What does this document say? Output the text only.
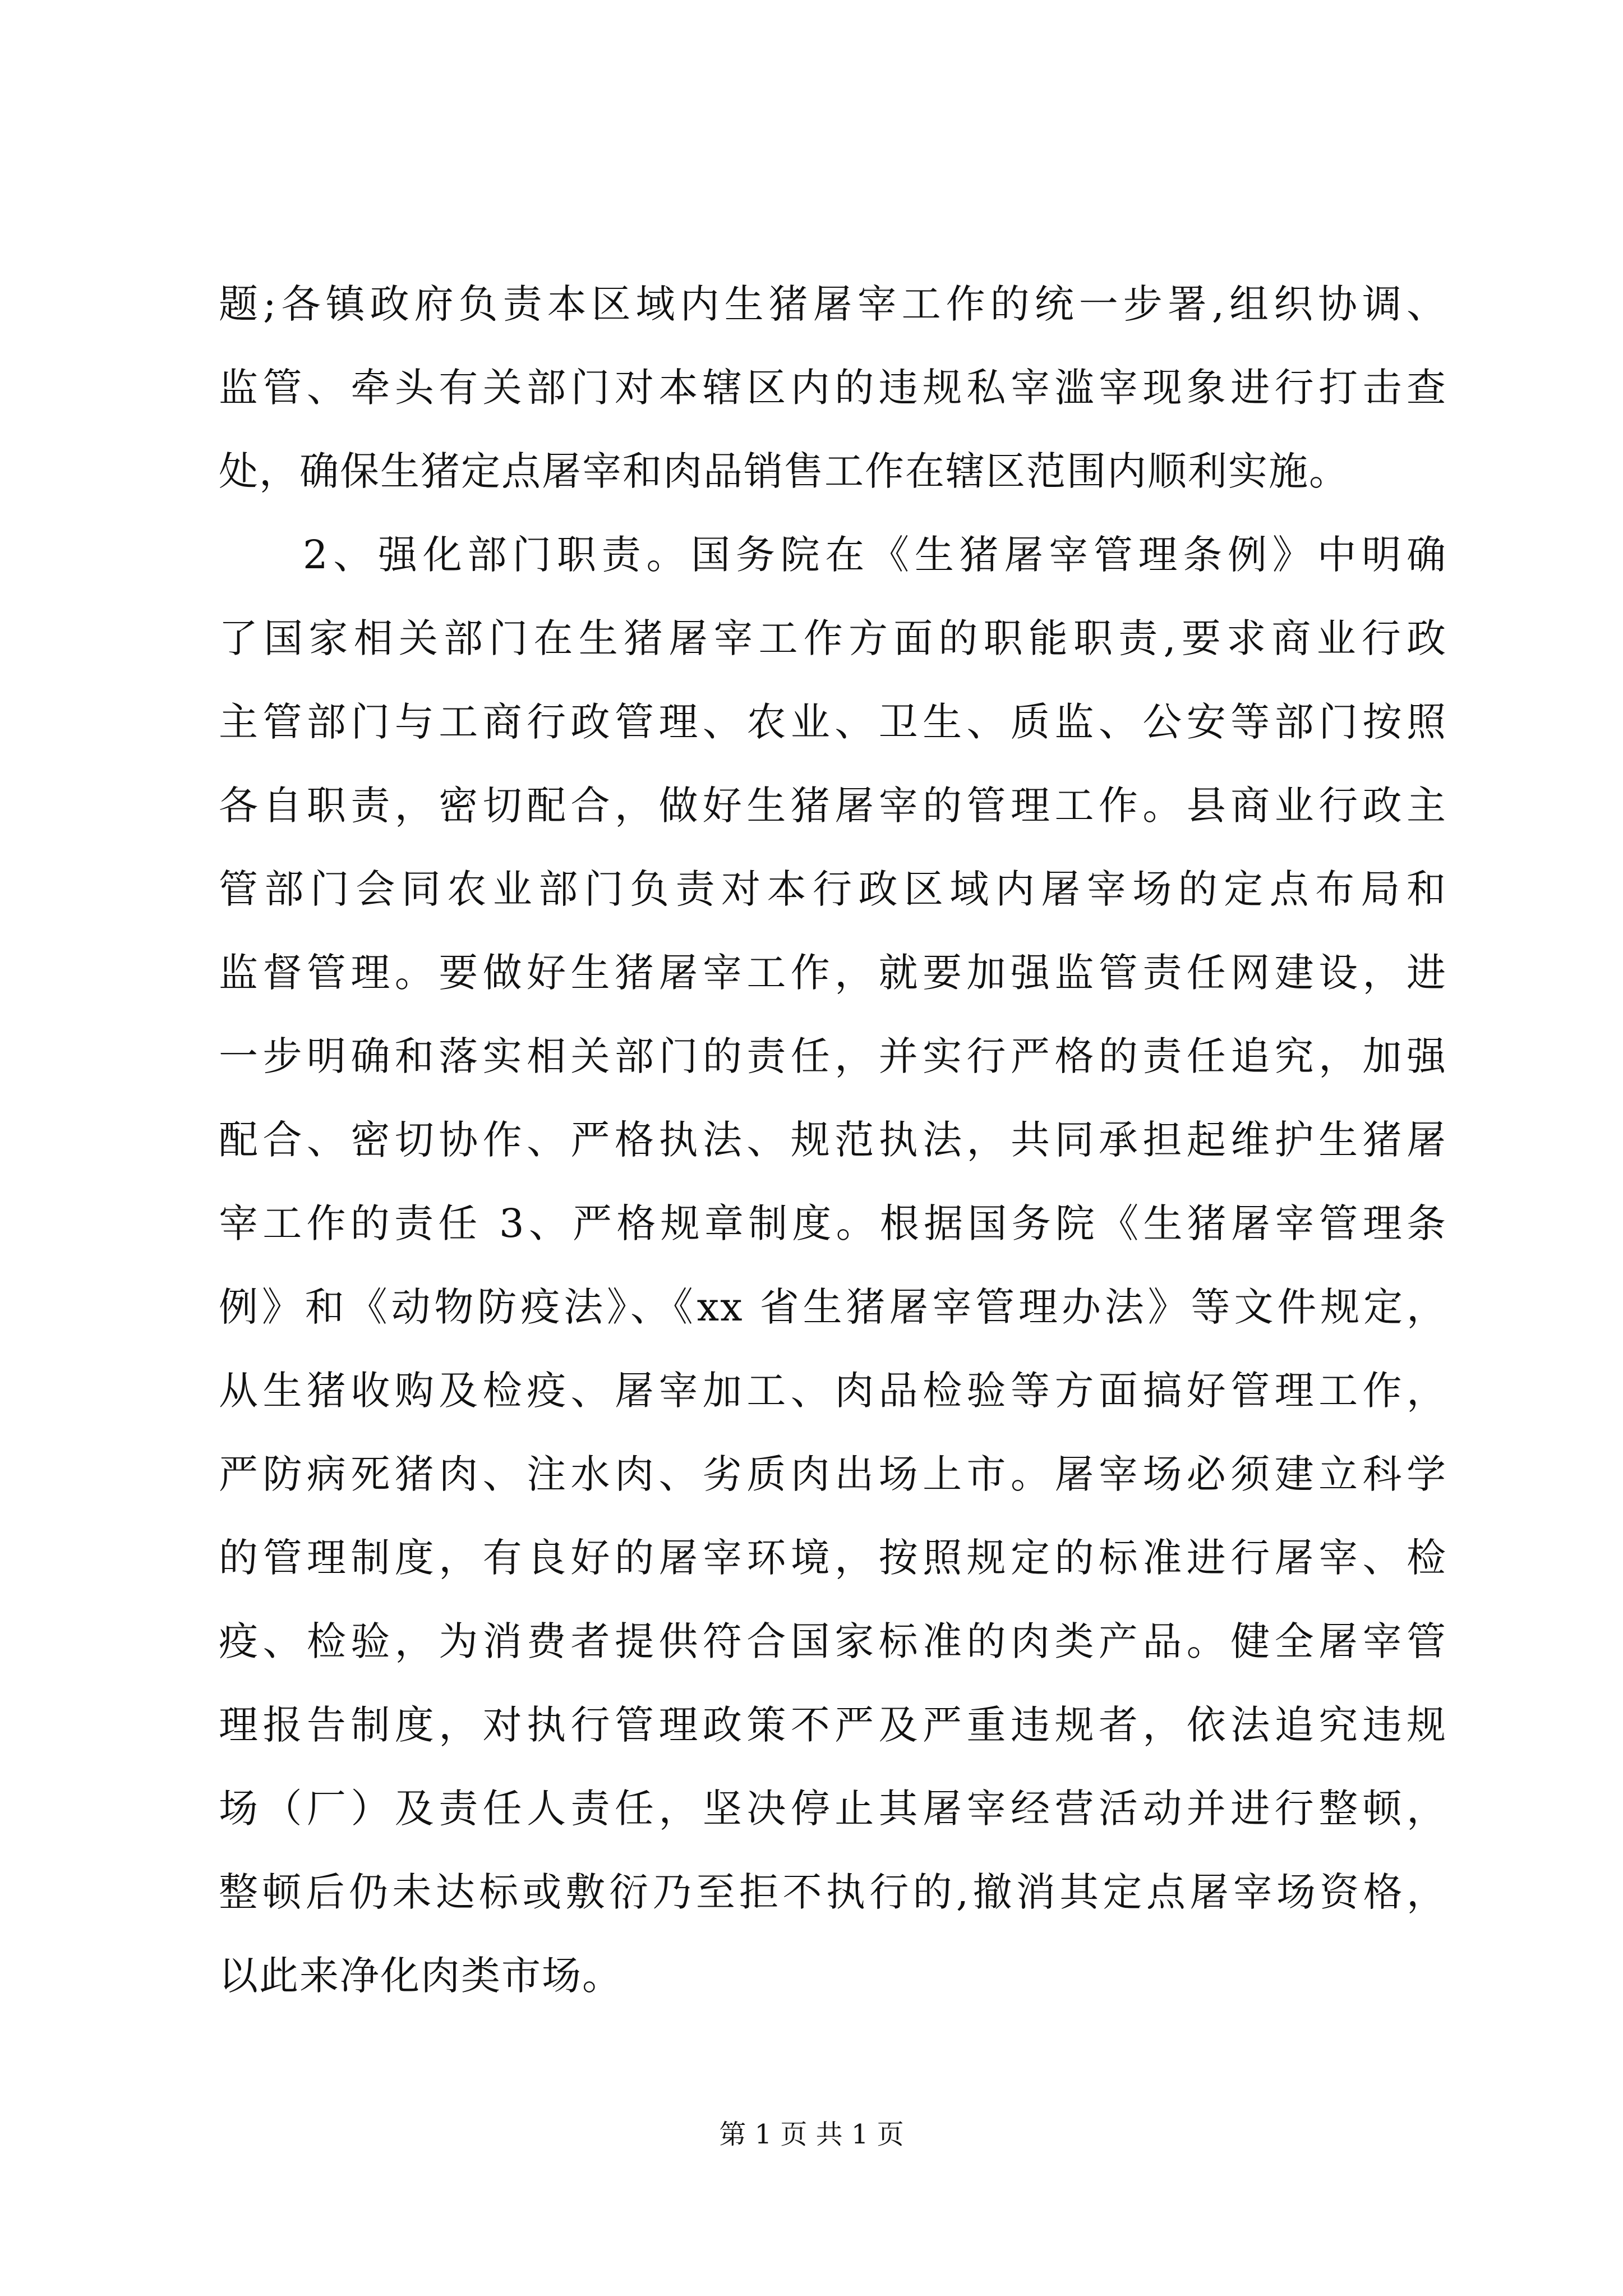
题;各镇政府负责本区域内生猪屠宰工作的统一步署,组织协调、
监管、牵头有关部门对本辖区内的违规私宰滥宰现象进行打击查
处，确保生猪定点屠宰和肉品销售工作在辖区范围内顺利实施。
2、强化部门职责。国务院在《生猪屠宰管理条例》中明确
了国家相关部门在生猪屠宰工作方面的职能职责,要求商业行政
主管部门与工商行政管理、农业、卫生、质监、公安等部门按照
各自职责，密切配合，做好生猪屠宰的管理工作。县商业行政主
管部门会同农业部门负责对本行政区域内屠宰场的定点布局和
监督管理。要做好生猪屠宰工作，就要加强监管责任网建设，进
一步明确和落实相关部门的责任，并实行严格的责任追究，加强
配合、密切协作、严格执法、规范执法，共同承担起维护生猪屠
宰工作的责任 3、严格规章制度。根据国务院《生猪屠宰管理条
例》和《动物防疫法》、《xx 省生猪屠宰管理办法》等文件规定，
从生猪收购及检疫、屠宰加工、肉品检验等方面搞好管理工作，
严防病死猪肉、注水肉、劣质肉出场上市。屠宰场必须建立科学
的管理制度，有良好的屠宰环境，按照规定的标准进行屠宰、检
疫、检验，为消费者提供符合国家标准的肉类产品。健全屠宰管
理报告制度，对执行管理政策不严及严重违规者，依法追究违规
场（厂）及责任人责任，坚决停止其屠宰经营活动并进行整顿，
整顿后仍未达标或敷衍乃至拒不执行的,撤消其定点屠宰场资格，
以此来净化肉类市场。
第 1 页 共 1 页
